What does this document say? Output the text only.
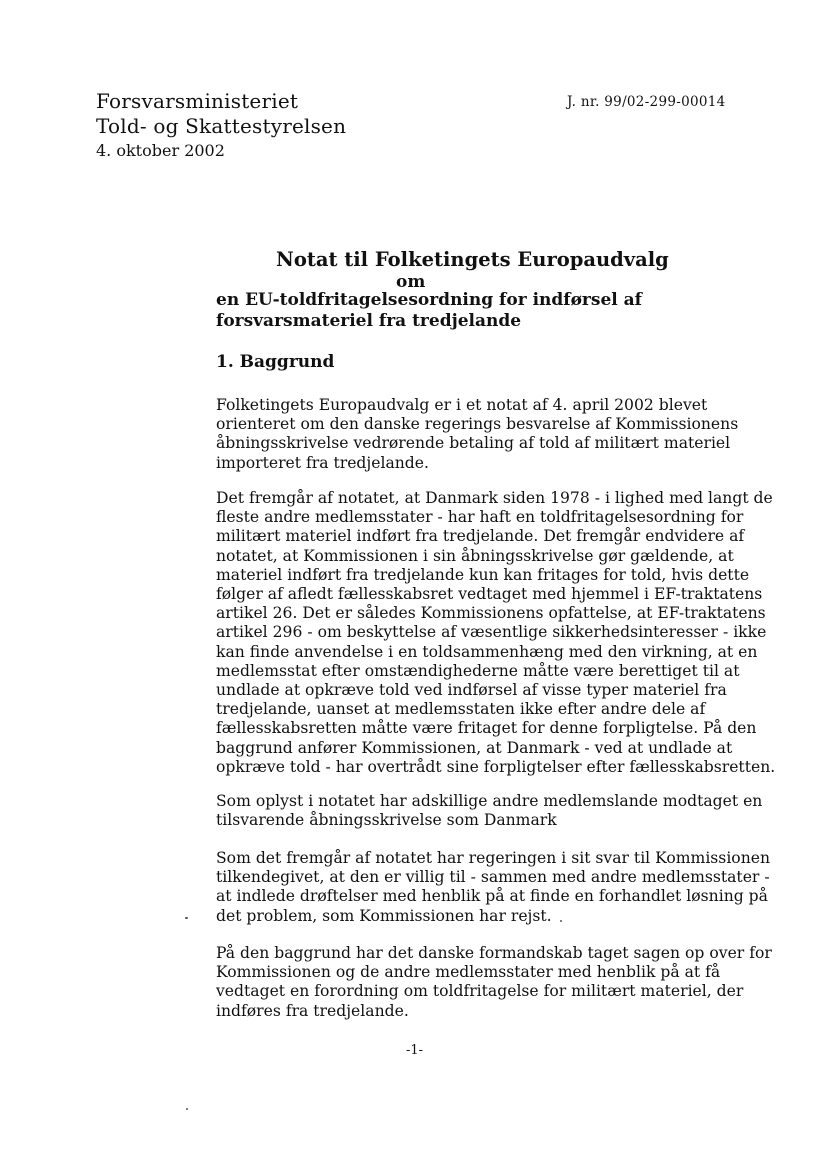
Forsvarsministeriet
Told- og Skattestyrelsen
4. oktober 2002
J. nr. 99/02-299-00014
Notat til Folketingets Europaudvalg
om
en EU-toldfritagelsesordning for indførsel af
forsvarsmateriel fra tredjelande
1. Baggrund

Folketingets Europaudvalg er i et notat af 4. april 2002 blevet
orienteret om den danske regerings besvarelse af Kommissionens
åbningsskrivelse vedrørende betaling af told af militært materiel
importeret fra tredjelande.

Det fremgår af notatet, at Danmark siden 1978 - i lighed med langt de
fleste andre medlemsstater - har haft en toldfritagelsesordning for
militært materiel indført fra tredjelande. Det fremgår endvidere af
notatet, at Kommissionen i sin åbningsskrivelse gør gældende, at
materiel indført fra tredjelande kun kan fritages for told, hvis dette
følger af afledt fællesskabsret vedtaget med hjemmel i EF-traktatens
artikel 26. Det er således Kommissionens opfattelse, at EF-traktatens
artikel 296 - om beskyttelse af væsentlige sikkerhedsinteresser - ikke
kan finde anvendelse i en toldsammenhæng med den virkning, at en
medlemsstat efter omstændighederne måtte være berettiget til at
undlade at opkræve told ved indførsel af visse typer materiel fra
tredjelande, uanset at medlemsstaten ikke efter andre dele af
fællesskabsretten måtte være fritaget for denne forpligtelse. På den
baggrund anfører Kommissionen, at Danmark - ved at undlade at
opkræve told - har overtrådt sine forpligtelser efter fællesskabsretten.

Som oplyst i notatet har adskillige andre medlemslande modtaget en
tilsvarende åbningsskrivelse som Danmark

Som det fremgår af notatet har regeringen i sit svar til Kommissionen
tilkendegivet, at den er villig til - sammen med andre medlemsstater -
at indlede drøftelser med henblik på at finde en forhandlet løsning på
det problem, som Kommissionen har rejst.

På den baggrund har det danske formandskab taget sagen op over for
Kommissionen og de andre medlemsstater med henblik på at få
vedtaget en forordning om toldfritagelse for militært materiel, der
indføres fra tredjelande.

-1-
